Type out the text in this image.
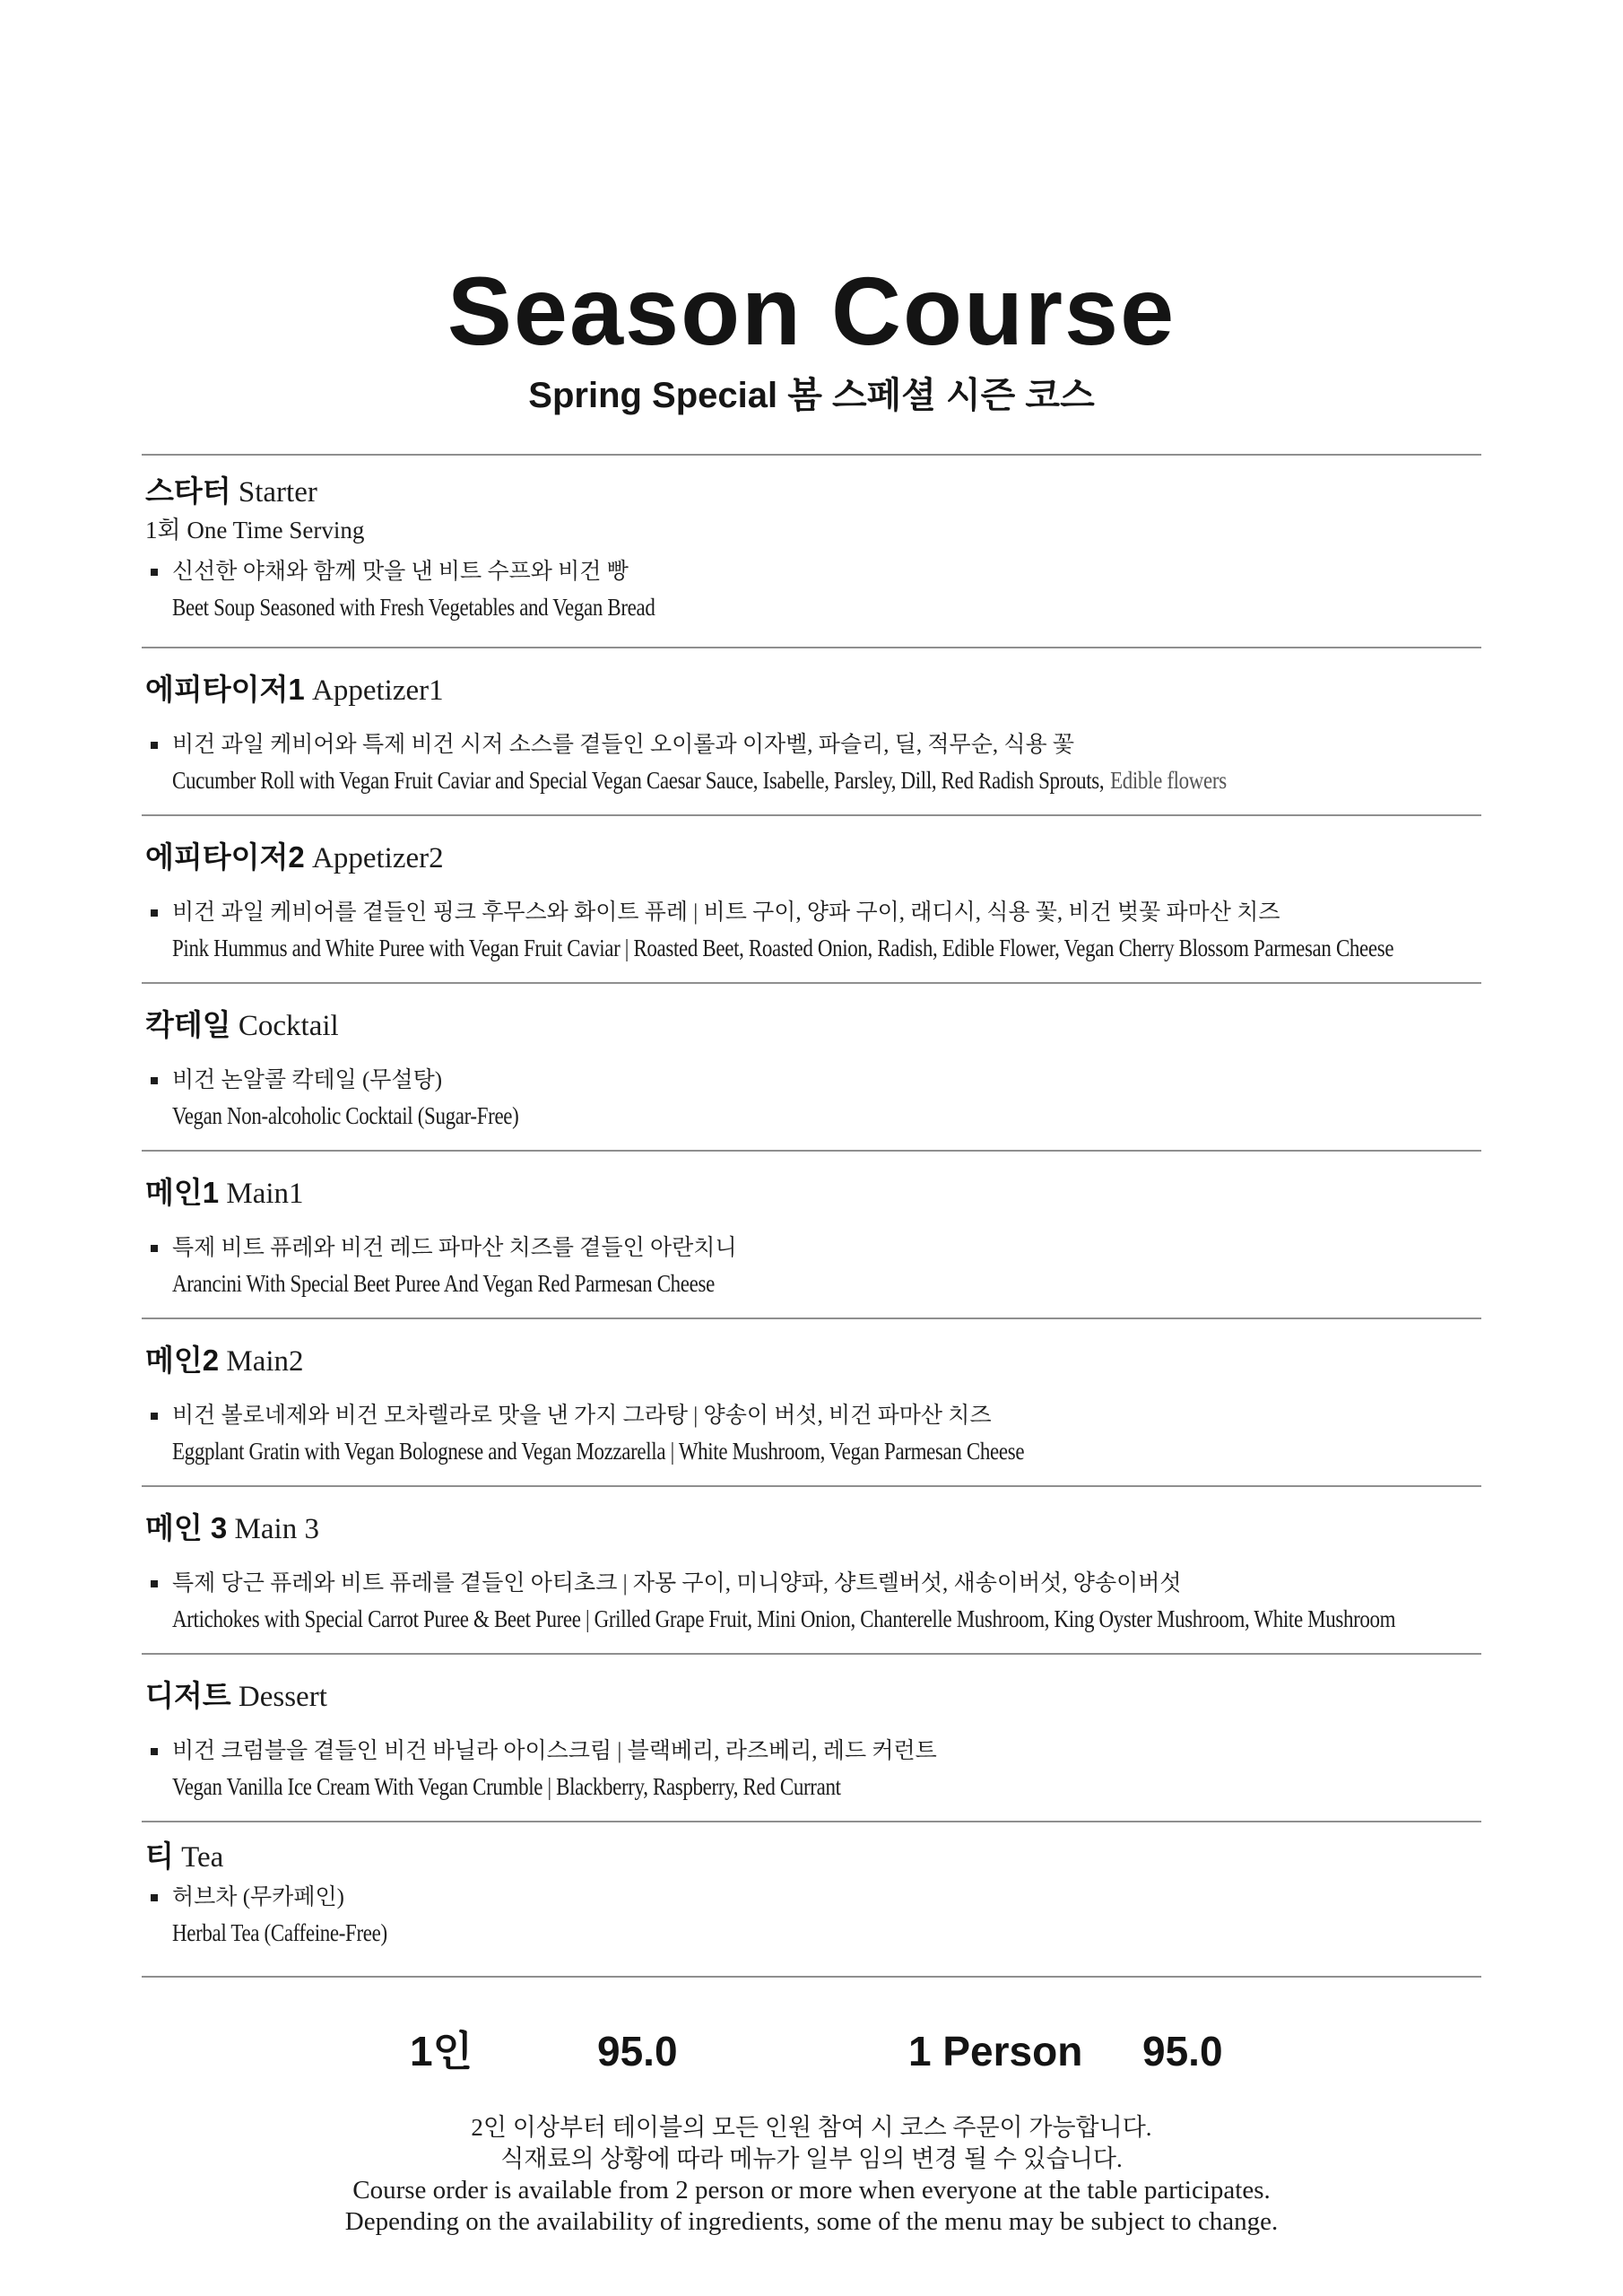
Season Course
Spring Special 봄 스페셜 시즌 코스
스타터 Starter
1회 One Time Serving
신선한 야채와 함께 맛을 낸 비트 수프와 비건 빵
Beet Soup Seasoned with Fresh Vegetables and Vegan Bread
에피타이저1 Appetizer1
비건 과일 케비어와 특제 비건 시저 소스를 곁들인 오이롤과 이자벨, 파슬리, 딜, 적무순, 식용 꽃
Cucumber Roll with Vegan Fruit Caviar and Special Vegan Caesar Sauce, Isabelle, Parsley, Dill, Red Radish Sprouts, Edible flowers
에피타이저2 Appetizer2
비건 과일 케비어를 곁들인 핑크 후무스와 화이트 퓨레 | 비트 구이, 양파 구이, 래디시, 식용 꽃, 비건 벚꽃 파마산 치즈
Pink Hummus and White Puree with Vegan Fruit Caviar | Roasted Beet, Roasted Onion, Radish, Edible Flower, Vegan Cherry Blossom Parmesan Cheese
칵테일 Cocktail
비건 논알콜 칵테일 (무설탕)
Vegan Non-alcoholic Cocktail (Sugar-Free)
메인1 Main1
특제 비트 퓨레와 비건 레드 파마산 치즈를 곁들인 아란치니
Arancini With Special Beet Puree And Vegan Red Parmesan Cheese
메인2 Main2
비건 볼로네제와 비건 모차렐라로 맛을 낸 가지 그라탕 | 양송이 버섯, 비건 파마산 치즈
Eggplant Gratin with Vegan Bolognese and Vegan Mozzarella | White Mushroom, Vegan Parmesan Cheese
메인 3 Main 3
특제 당근 퓨레와 비트 퓨레를 곁들인 아티초크 | 자몽 구이, 미니양파, 샹트렐버섯, 새송이버섯, 양송이버섯
Artichokes with Special Carrot Puree & Beet Puree | Grilled Grape Fruit, Mini Onion, Chanterelle Mushroom, King Oyster Mushroom, White Mushroom
디저트 Dessert
비건 크럼블을 곁들인 비건 바닐라 아이스크림 | 블랙베리, 라즈베리, 레드 커런트
Vegan Vanilla Ice Cream With Vegan Crumble | Blackberry, Raspberry, Red Currant
티 Tea
허브차 (무카페인)
Herbal Tea (Caffeine-Free)
1인	95.0	1 Person 95.0
2인 이상부터 테이블의 모든 인원 참여 시 코스 주문이 가능합니다.
식재료의 상황에 따라 메뉴가 일부 임의 변경 될 수 있습니다.
Course order is available from 2 person or more when everyone at the table participates.
Depending on the availability of ingredients, some of the menu may be subject to change.
